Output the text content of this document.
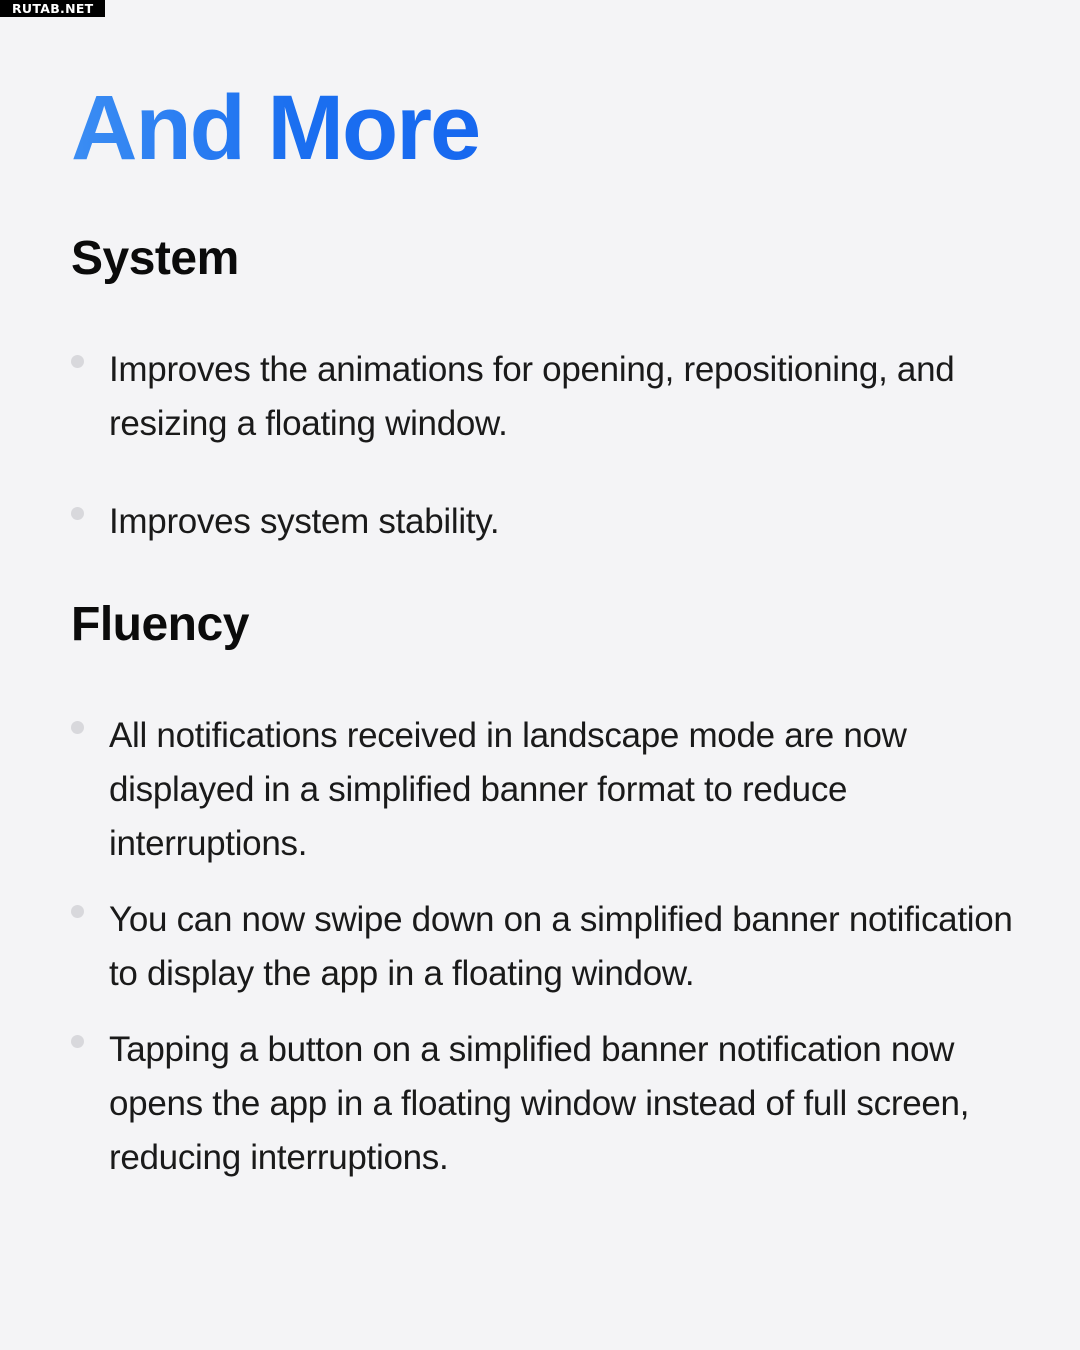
RUTAB.NET
And More
System
Improves the animations for opening, repositioning, and resizing a floating window.
Improves system stability.
Fluency
All notifications received in landscape mode are now displayed in a simplified banner format to reduce interruptions.
You can now swipe down on a simplified banner notification to display the app in a floating window.
Tapping a button on a simplified banner notification now opens the app in a floating window instead of full screen, reducing interruptions.
